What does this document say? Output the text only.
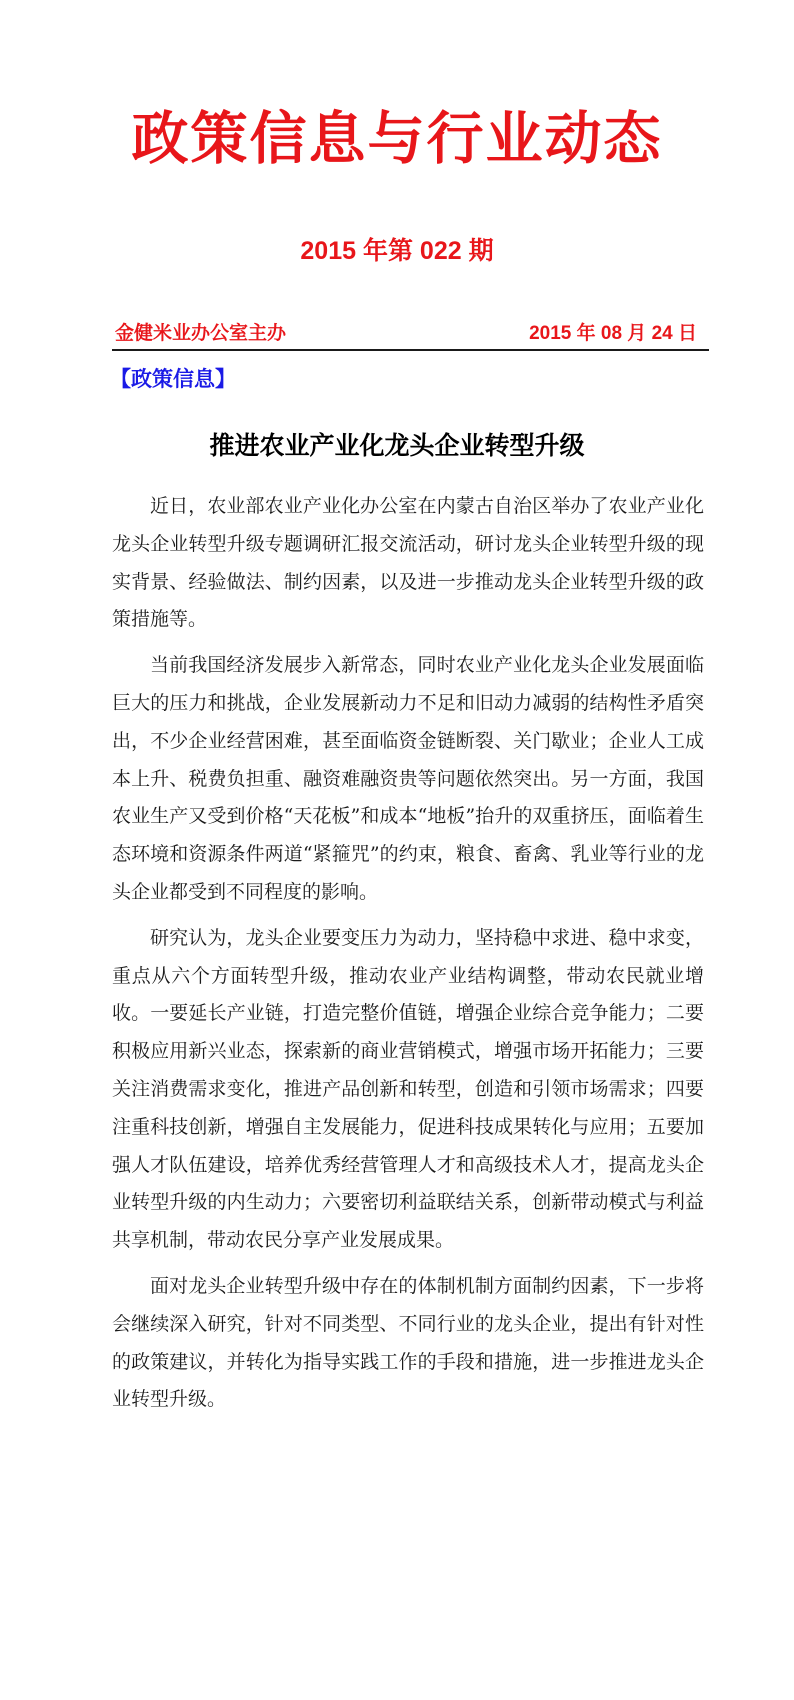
政策信息与行业动态
2015 年第 022 期
金健米业办公室主办	2015 年 08 月 24 日
【政策信息】
推进农业产业化龙头企业转型升级

近日，农业部农业产业化办公室在内蒙古自治区举办了农业产业化龙头企业转型升级专题调研汇报交流活动，研讨龙头企业转型升级的现实背景、经验做法、制约因素，以及进一步推动龙头企业转型升级的政策措施等。

当前我国经济发展步入新常态，同时农业产业化龙头企业发展面临巨大的压力和挑战，企业发展新动力不足和旧动力减弱的结构性矛盾突出，不少企业经营困难，甚至面临资金链断裂、关门歇业；企业人工成本上升、税费负担重、融资难融资贵等问题依然突出。另一方面，我国农业生产又受到价格“天花板”和成本“地板”抬升的双重挤压，面临着生态环境和资源条件两道“紧箍咒”的约束，粮食、畜禽、乳业等行业的龙头企业都受到不同程度的影响。

研究认为，龙头企业要变压力为动力，坚持稳中求进、稳中求变，重点从六个方面转型升级，推动农业产业结构调整，带动农民就业增收。一要延长产业链，打造完整价值链，增强企业综合竞争能力；二要积极应用新兴业态，探索新的商业营销模式，增强市场开拓能力；三要关注消费需求变化，推进产品创新和转型，创造和引领市场需求；四要注重科技创新，增强自主发展能力，促进科技成果转化与应用；五要加强人才队伍建设，培养优秀经营管理人才和高级技术人才，提高龙头企业转型升级的内生动力；六要密切利益联结关系，创新带动模式与利益共享机制，带动农民分享产业发展成果。

面对龙头企业转型升级中存在的体制机制方面制约因素，下一步将会继续深入研究，针对不同类型、不同行业的龙头企业，提出有针对性的政策建议，并转化为指导实践工作的手段和措施，进一步推进龙头企业转型升级。
